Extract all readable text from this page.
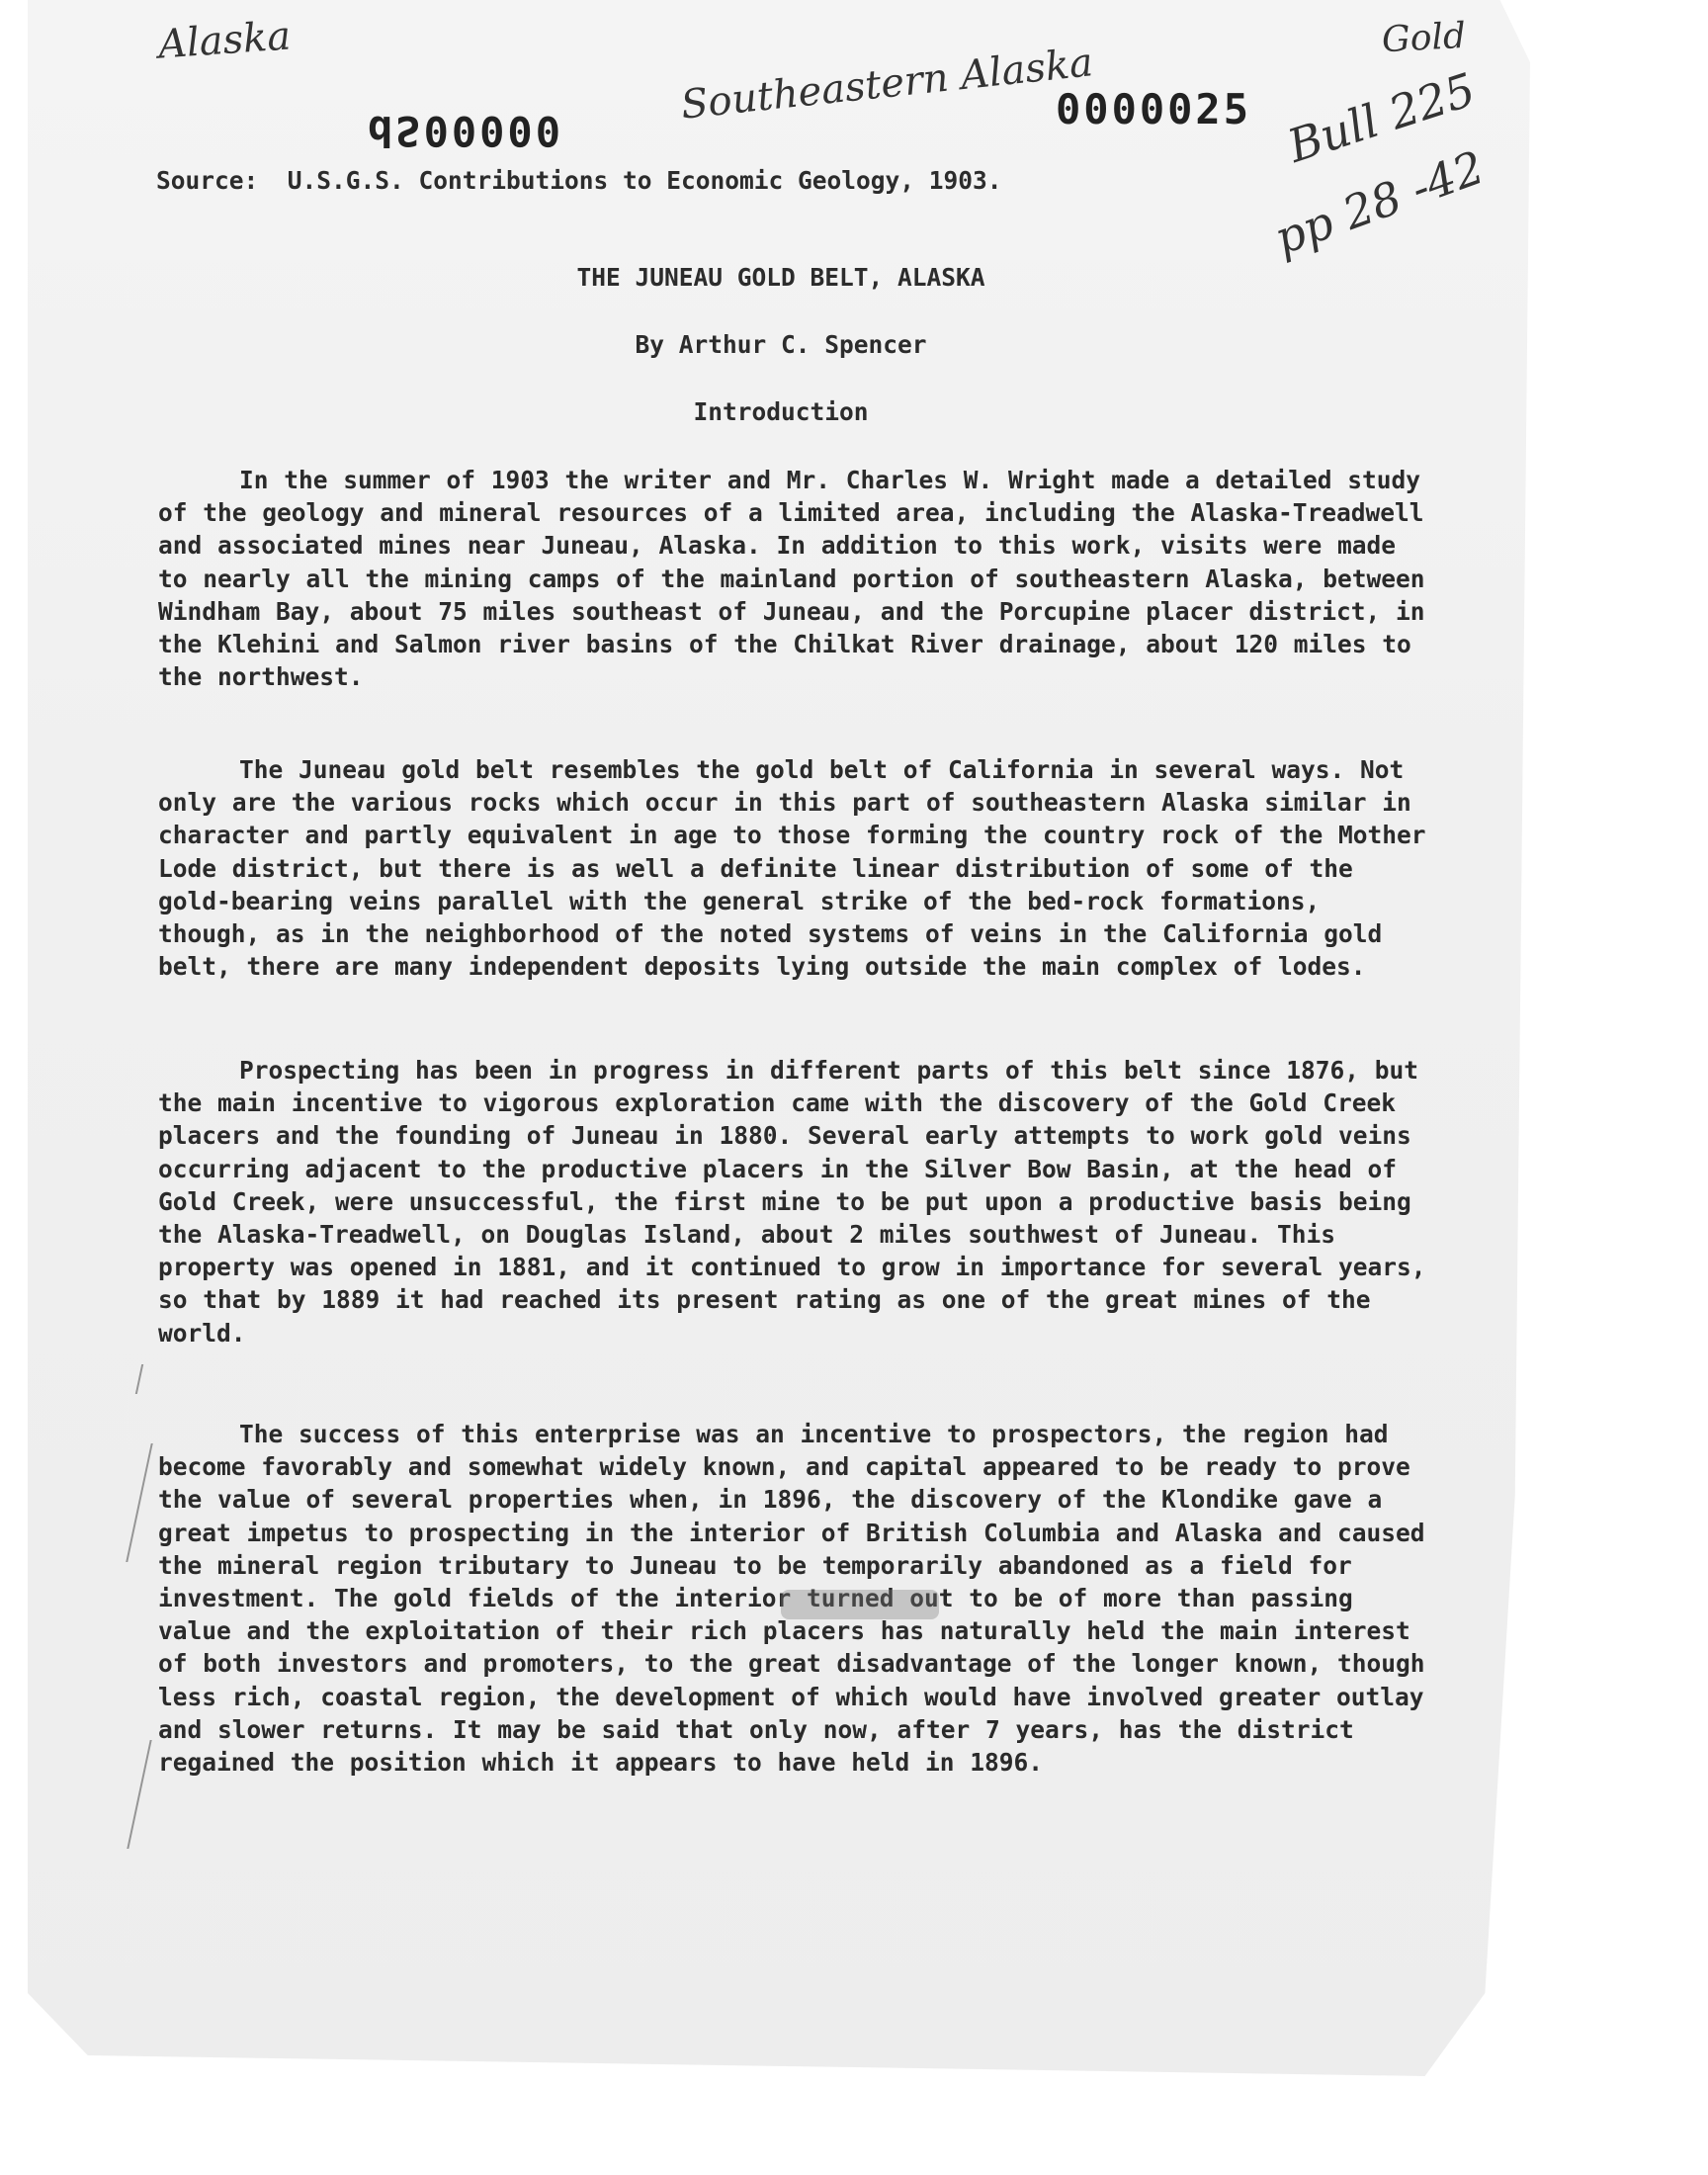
Alaska	Southeastern Alaska
Gold
Bull 225
pp 28 -42
dS00000	0000025
Source:  U.S.G.S. Contributions to Economic Geology, 1903.
THE JUNEAU GOLD BELT, ALASKA
By Arthur C. Spencer
Introduction
In the summer of 1903 the writer and Mr. Charles W. Wright made a detailed study of the geology and mineral resources of a limited area, including the Alaska-Treadwell and associated mines near Juneau, Alaska. In addition to this work, visits were made to nearly all the mining camps of the mainland portion of southeastern Alaska, between Windham Bay, about 75 miles southeast of Juneau, and the Porcupine placer district, in the Klehini and Salmon river basins of the Chilkat River drainage, about 120 miles to the northwest.
The Juneau gold belt resembles the gold belt of California in several ways. Not only are the various rocks which occur in this part of southeastern Alaska similar in character and partly equivalent in age to those forming the country rock of the Mother Lode district, but there is as well a definite linear distribution of some of the gold-bearing veins parallel with the general strike of the bed-rock formations, though, as in the neighborhood of the noted systems of veins in the California gold belt, there are many independent deposits lying outside the main complex of lodes.
Prospecting has been in progress in different parts of this belt since 1876, but the main incentive to vigorous exploration came with the discovery of the Gold Creek placers and the founding of Juneau in 1880. Several early attempts to work gold veins occurring adjacent to the productive placers in the Silver Bow Basin, at the head of Gold Creek, were unsuccessful, the first mine to be put upon a productive basis being the Alaska-Treadwell, on Douglas Island, about 2 miles southwest of Juneau. This property was opened in 1881, and it continued to grow in importance for several years, so that by 1889 it had reached its present rating as one of the great mines of the world.
The success of this enterprise was an incentive to prospectors, the region had become favorably and somewhat widely known, and capital appeared to be ready to prove the value of several properties when, in 1896, the discovery of the Klondike gave a great impetus to prospecting in the interior of British Columbia and Alaska and caused the mineral region tributary to Juneau to be temporarily abandoned as a field for investment. The gold fields of the interior turned out to be of more than passing value and the exploitation of their rich placers has naturally held the main interest of both investors and promoters, to the great disadvantage of the longer known, though less rich, coastal region, the development of which would have involved greater outlay and slower returns. It may be said that only now, after 7 years, has the district regained the position which it appears to have held in 1896.
